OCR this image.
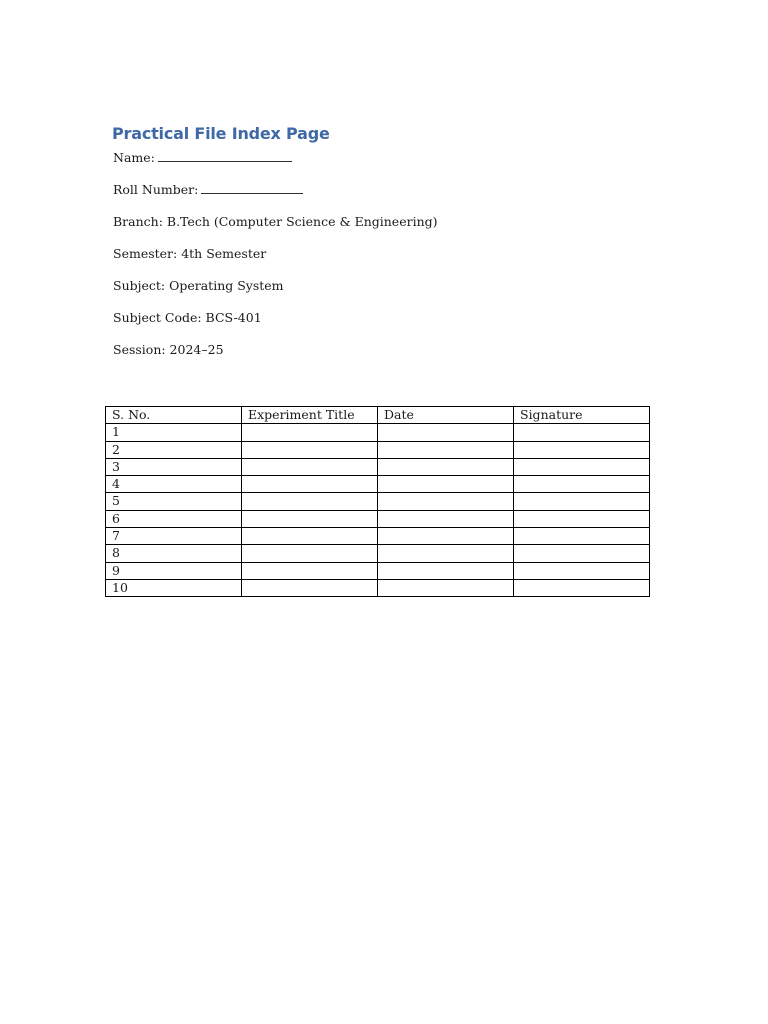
Practical File Index Page
Name:
Roll Number:
Branch: B.Tech (Computer Science & Engineering)
Semester: 4th Semester
Subject: Operating System
Subject Code: BCS-401
Session: 2024–25
S. No.	Experiment Title	Date	Signature
1			
2			
3			
4			
5			
6			
7			
8			
9			
10			
